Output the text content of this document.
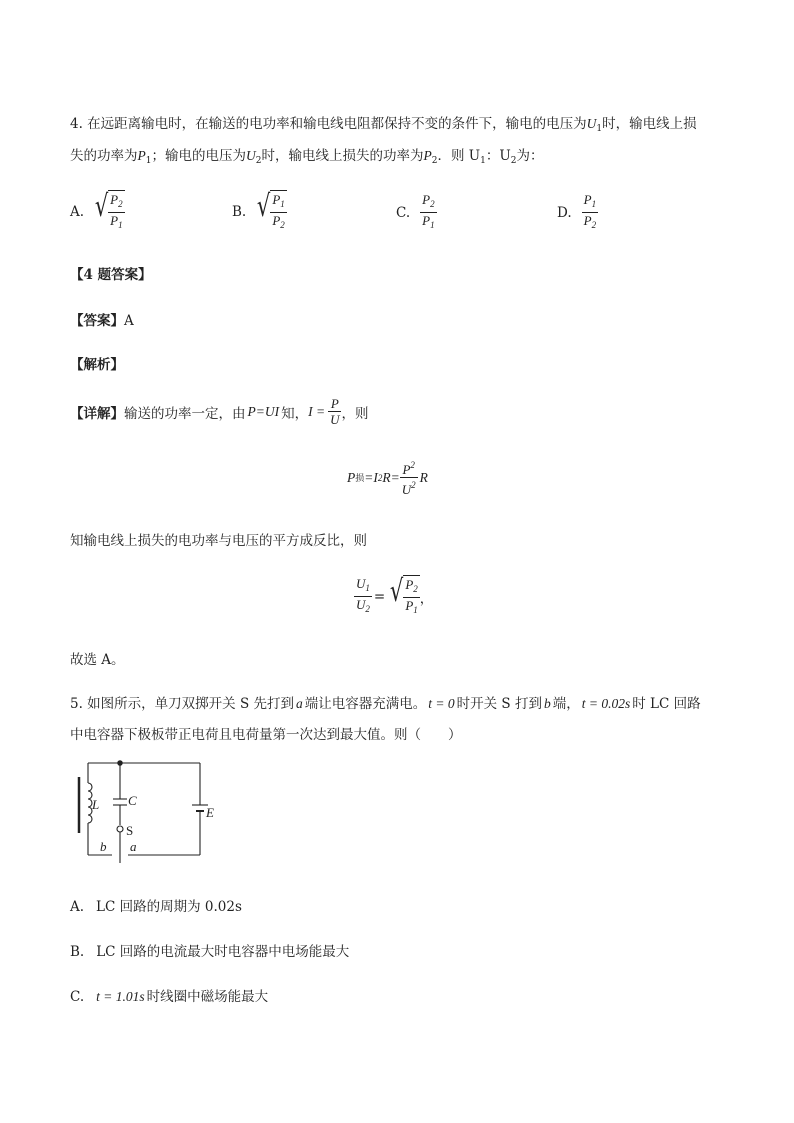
4. 在远距离输电时，在输送的电功率和输电线电阻都保持不变的条件下，输电的电压为$U_1$时，输电线上损
失的功率为$P_1$；输电的电压为$U_2$时，输电线上损失的功率为$P_2$．则 $U_1$：$U_2$为：
A. √ $\frac{P_2}{P_1}$	B. √ $\frac{P_1}{P_2}$	C. $\frac{P_2}{P_1}$	D. $\frac{P_1}{P_2}$
【4 题答案】
【答案】A
【解析】
【详解】 输送的功率一定，由 P=UI 知， $I = \frac{P}{U}$ ，则
P 损 =I 2 $R= \frac{P^2}{U^2}$ R
知输电线上损失的电功率与电压的平方成反比，则
$\frac{U_1}{U_2}$ = √ $\frac{P_2}{P_1}$ ，
故选 A。
5. 如图所示，单刀双掷开关 S 先打到 a 端让电容器充满电。 t = 0 时开关 S 打到 b 端， t = 0.02s 时 LC 回路
中电容器下极板带正电荷且电荷量第一次达到最大值。则（　　）
L C
S
E
b a
A. LC 回路的周期为 0.02s
B. LC 回路的电流最大时电容器中电场能最大
C. t = 1.01s 时线圈中磁场能最大
